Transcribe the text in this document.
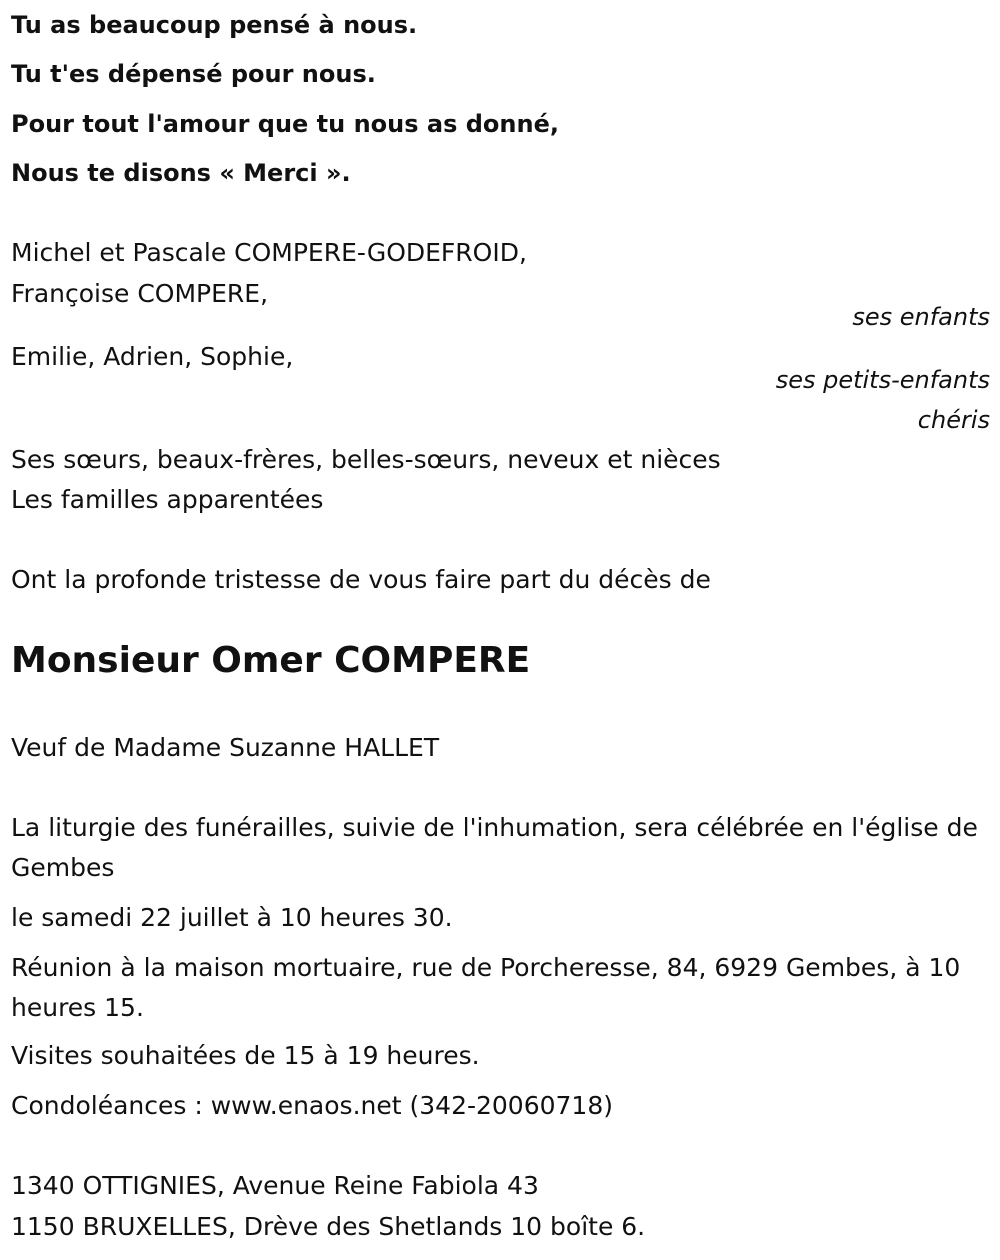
Tu as beaucoup pensé à nous.

Tu t'es dépensé pour nous.

Pour tout l'amour que tu nous as donné,

Nous te disons « Merci ».

Michel et Pascale COMPERE-GODEFROID,

Françoise COMPERE,

ses enfants

Emilie, Adrien, Sophie,

ses petits-enfants

chéris

Ses sœurs, beaux-frères, belles-sœurs, neveux et nièces

Les familles apparentées

Ont la profonde tristesse de vous faire part du décès de

Monsieur Omer COMPERE

Veuf de Madame Suzanne HALLET

La liturgie des funérailles, suivie de l'inhumation, sera célébrée en l'église de Gembes

le samedi 22 juillet à 10 heures 30.

Réunion à la maison mortuaire, rue de Porcheresse, 84, 6929 Gembes, à 10 heures 15.

Visites souhaitées de 15 à 19 heures.

Condoléances : www.enaos.net (342-20060718)

1340 OTTIGNIES, Avenue Reine Fabiola 43

1150 BRUXELLES, Drève des Shetlands 10 boîte 6.
